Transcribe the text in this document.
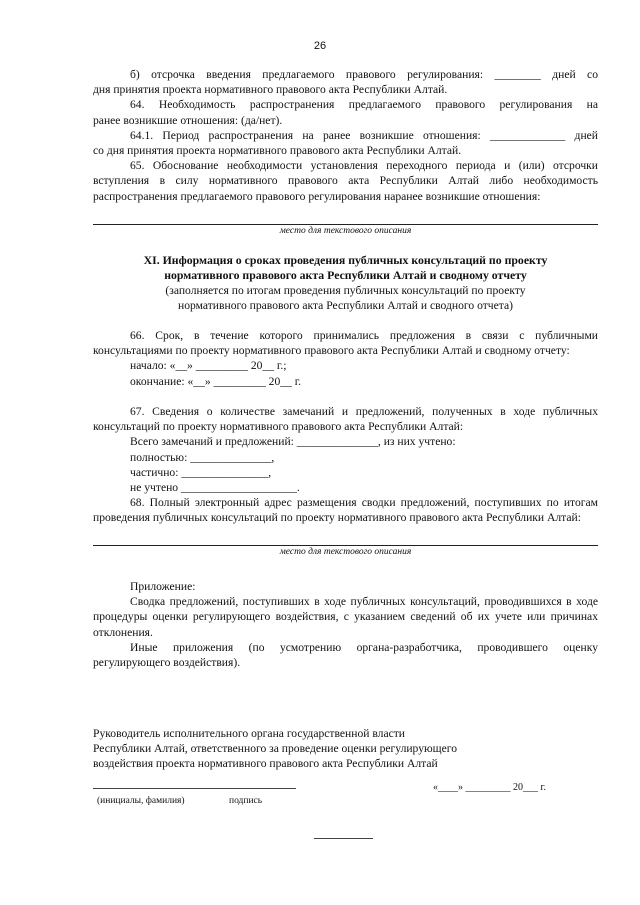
26

б) отсрочка введения предлагаемого правового регулирования: ________ дней со

дня принятия проекта нормативного правового акта Республики Алтай.

64. Необходимость распространения предлагаемого правового регулирования на

ранее возникшие отношения: (да/нет).

64.1. Период распространения на ранее возникшие отношения: _____________ дней

со дня принятия проекта нормативного правового акта Республики Алтай.

65. Обоснование необходимости установления переходного периода и (или) отсрочки вступления в силу нормативного правового акта Республики Алтай либо необходимость распространения предлагаемого правового регулирования наранее возникшие отношения:

место для текстового описания
XI. Информация о сроках проведения публичных консультаций по проекту
нормативного правового акта Республики Алтай и сводному отчету
(заполняется по итогам проведения публичных консультаций по проекту
нормативного правового акта Республики Алтай и сводного отчета)

66. Срок, в течение которого принимались предложения в связи с публичными консультациями по проекту нормативного правового акта Республики Алтай и сводному отчету:

начало: «__» _________ 20__ г.;

окончание: «__» _________ 20__ г.

67. Сведения о количестве замечаний и предложений, полученных в ходе публичных консультаций по проекту нормативного правового акта Республики Алтай:

Всего замечаний и предложений: ______________, из них учтено:

полностью: ______________,

частично: _______________,

не учтено ____________________.

68. Полный электронный адрес размещения сводки предложений, поступивших по итогам проведения публичных консультаций по проекту нормативного правового акта Республики Алтай:

место для текстового описания

Приложение:

Сводка предложений, поступивших в ходе публичных консультаций, проводившихся в ходе процедуры оценки регулирующего воздействия, с указанием сведений об их учете или причинах отклонения.

Иные приложения (по усмотрению органа-разработчика, проводившего оценку регулирующего воздействия).

Руководитель исполнительного органа государственной власти

Республики Алтай, ответственного за проведение оценки регулирующего

воздействия проекта нормативного правового акта Республики Алтай

«____» _________ 20___ г.
(инициалы, фамилия)	подпись
